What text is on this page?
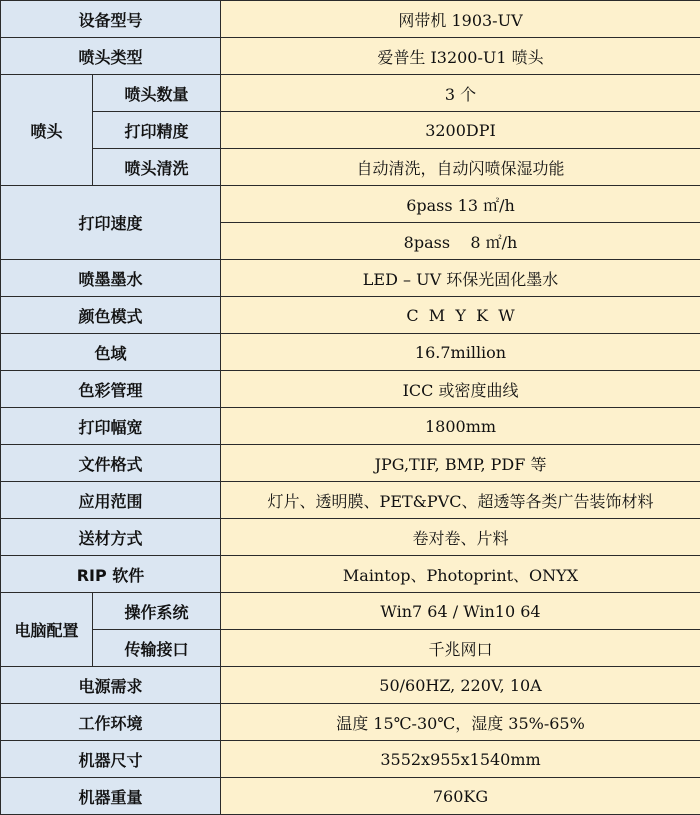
设备型号		网带机 1903-UV
喷头类型		爱普生 I3200-U1 喷头
喷头	喷头数量	3 个
	打印精度	3200DPI
	喷头清洗	自动清洗，自动闪喷保湿功能
打印速度		6pass 13 ㎡/h
		8pass    8 ㎡/h
喷墨墨水		LED – UV 环保光固化墨水
颜色模式		C  M  Y  K  W
色域		16.7million
色彩管理		ICC 或密度曲线
打印幅宽		1800mm
文件格式		JPG,TIF, BMP, PDF 等
应用范围		灯片、透明膜、PET&PVC、超透等各类广告装饰材料
送材方式		卷对卷、片料
RIP 软件		Maintop、Photoprint、ONYX
电脑配置	操作系统	Win7 64 / Win10 64
	传输接口	千兆网口
电源需求		50/60HZ, 220V, 10A
工作环境		温度 15℃-30℃，湿度 35%-65%
机器尺寸		3552x955x1540mm
机器重量		760KG
